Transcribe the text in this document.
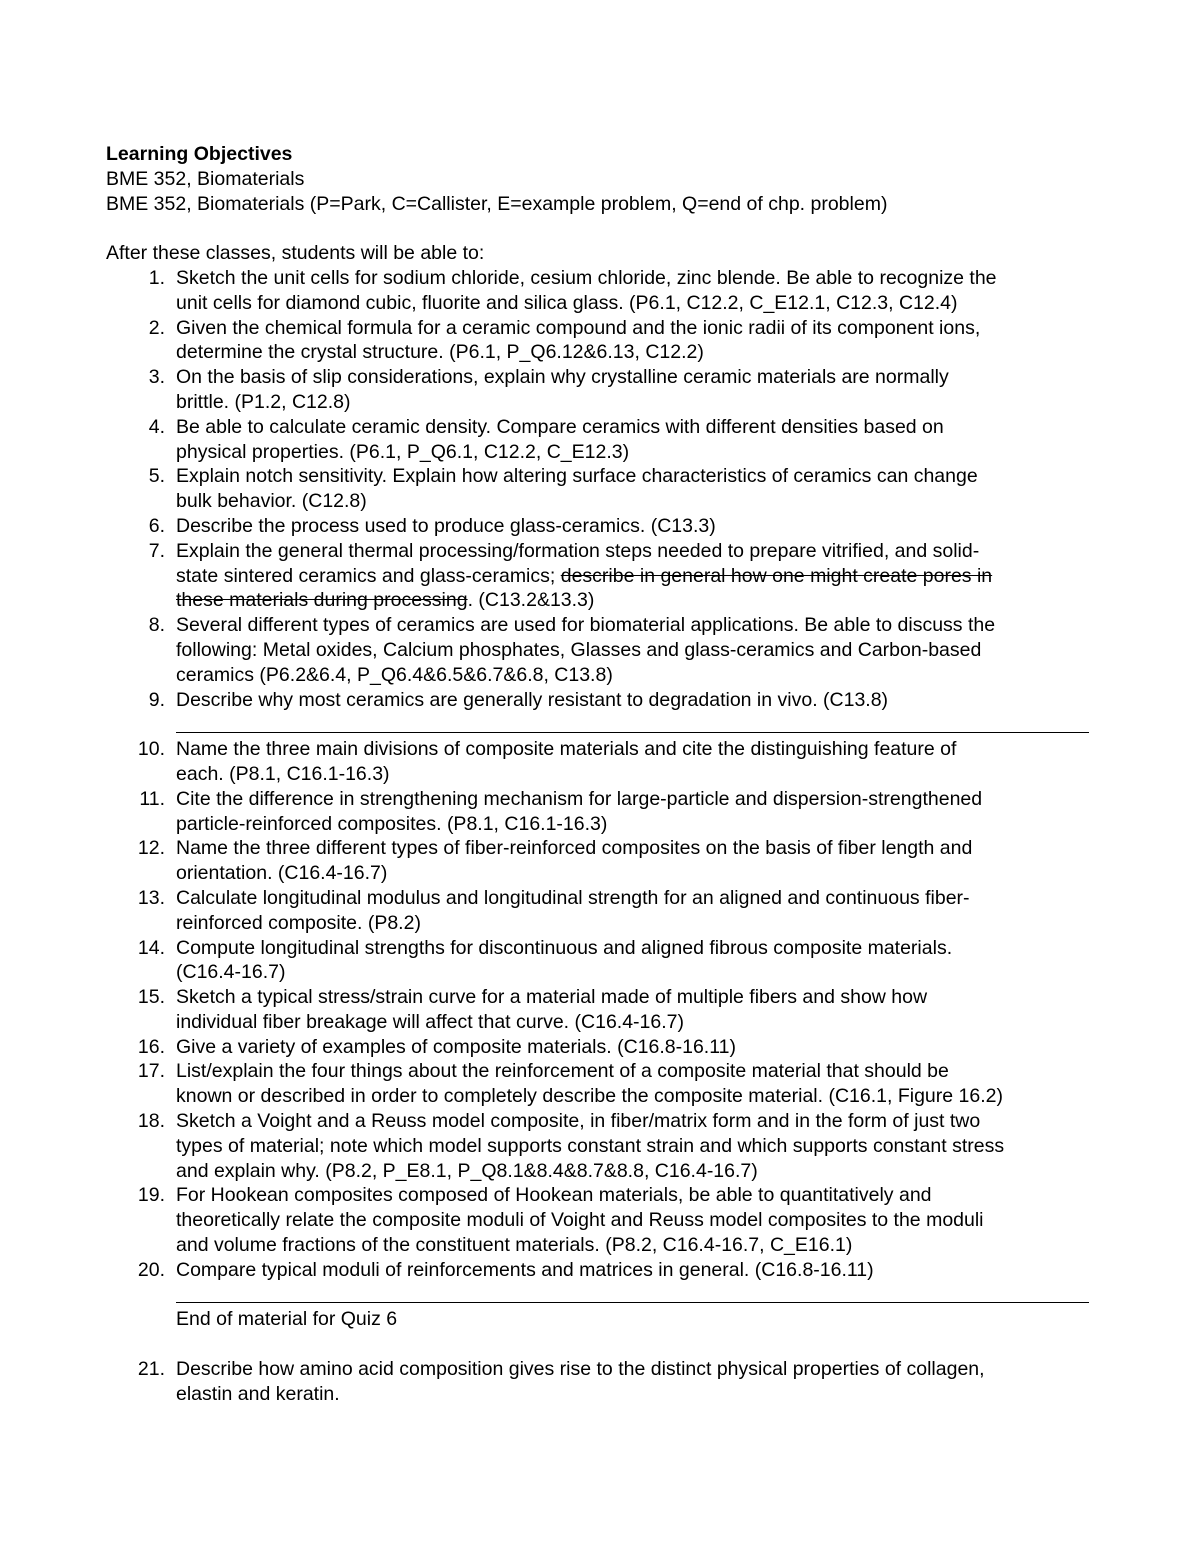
Learning Objectives
BME 352, Biomaterials
BME 352, Biomaterials (P=Park, C=Callister, E=example problem, Q=end of chp. problem)
After these classes, students will be able to:
1. Sketch the unit cells for sodium chloride, cesium chloride, zinc blende. Be able to recognize the
unit cells for diamond cubic, fluorite and silica glass. (P6.1, C12.2, C_E12.1, C12.3, C12.4)
2. Given the chemical formula for a ceramic compound and the ionic radii of its component ions,
determine the crystal structure. (P6.1, P_Q6.12&6.13, C12.2)
3. On the basis of slip considerations, explain why crystalline ceramic materials are normally
brittle. (P1.2, C12.8)
4. Be able to calculate ceramic density. Compare ceramics with different densities based on
physical properties. (P6.1, P_Q6.1, C12.2, C_E12.3)
5. Explain notch sensitivity. Explain how altering surface characteristics of ceramics can change
bulk behavior. (C12.8)
6. Describe the process used to produce glass-ceramics. (C13.3)
7. Explain the general thermal processing/formation steps needed to prepare vitrified, and solid-
state sintered ceramics and glass-ceramics; describe in general how one might create pores in
these materials during processing. (C13.2&13.3)
8. Several different types of ceramics are used for biomaterial applications. Be able to discuss the
following: Metal oxides, Calcium phosphates, Glasses and glass-ceramics and Carbon-based
ceramics (P6.2&6.4, P_Q6.4&6.5&6.7&6.8, C13.8)
9. Describe why most ceramics are generally resistant to degradation in vivo. (C13.8)
10. Name the three main divisions of composite materials and cite the distinguishing feature of
each. (P8.1, C16.1-16.3)
11. Cite the difference in strengthening mechanism for large-particle and dispersion-strengthened
particle-reinforced composites. (P8.1, C16.1-16.3)
12. Name the three different types of fiber-reinforced composites on the basis of fiber length and
orientation. (C16.4-16.7)
13. Calculate longitudinal modulus and longitudinal strength for an aligned and continuous fiber-
reinforced composite. (P8.2)
14. Compute longitudinal strengths for discontinuous and aligned fibrous composite materials.
(C16.4-16.7)
15. Sketch a typical stress/strain curve for a material made of multiple fibers and show how
individual fiber breakage will affect that curve. (C16.4-16.7)
16. Give a variety of examples of composite materials. (C16.8-16.11)
17. List/explain the four things about the reinforcement of a composite material that should be
known or described in order to completely describe the composite material. (C16.1, Figure 16.2)
18. Sketch a Voight and a Reuss model composite, in fiber/matrix form and in the form of just two
types of material; note which model supports constant strain and which supports constant stress
and explain why. (P8.2, P_E8.1, P_Q8.1&8.4&8.7&8.8, C16.4-16.7)
19. For Hookean composites composed of Hookean materials, be able to quantitatively and
theoretically relate the composite moduli of Voight and Reuss model composites to the moduli
and volume fractions of the constituent materials. (P8.2, C16.4-16.7, C_E16.1)
20. Compare typical moduli of reinforcements and matrices in general. (C16.8-16.11)
End of material for Quiz 6
21. Describe how amino acid composition gives rise to the distinct physical properties of collagen,
elastin and keratin.
